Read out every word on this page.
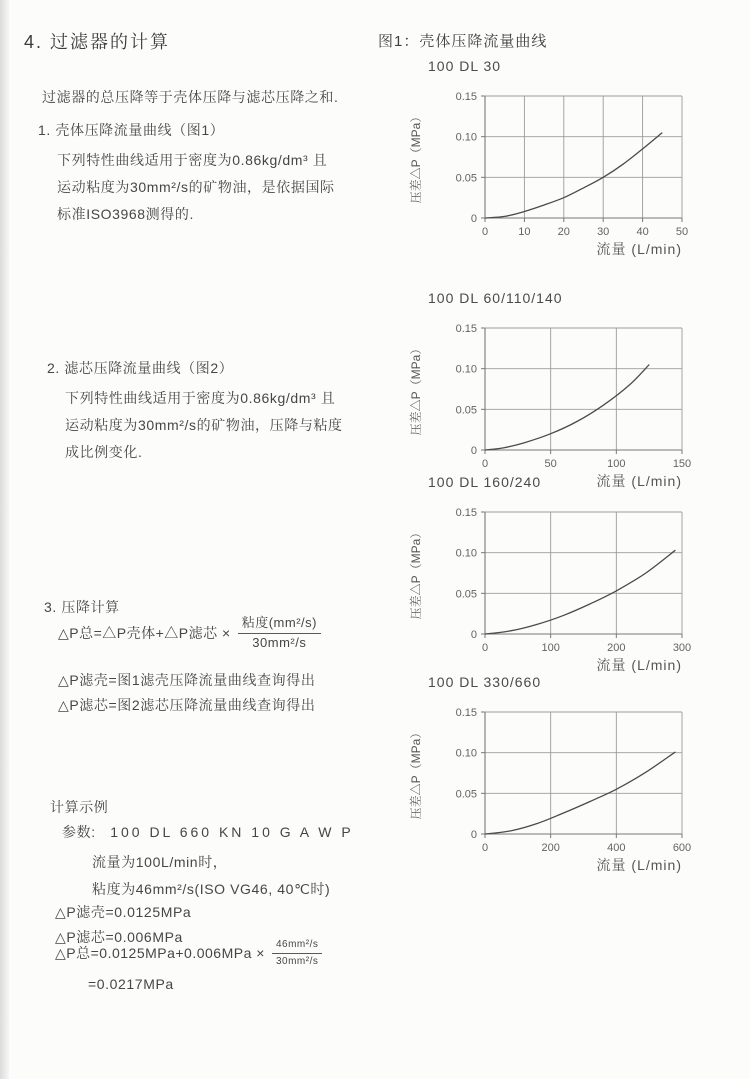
4. 过滤器的计算
过滤器的总压降等于壳体压降与滤芯压降之和.
1. 壳体压降流量曲线（图1）
下列特性曲线适用于密度为0.86kg/dm³ 且
运动粘度为30mm²/s的矿物油，是依据国际
标准ISO3968测得的.
2. 滤芯压降流量曲线（图2）
下列特性曲线适用于密度为0.86kg/dm³ 且
运动粘度为30mm²/s的矿物油，压降与粘度
成比例变化.
3. 压降计算
△P总=△P壳体+△P滤芯 × $\frac{\text{粘度(mm²/s)}}{\text{30mm²/s}}$
△P滤壳=图1滤壳压降流量曲线查询得出
△P滤芯=图2滤芯压降流量曲线查询得出
计算示例
参数: 100 DL 660 KN 10 G A W P
流量为100L/min时，
粘度为46mm²/s(ISO VG46, 40℃时)
△P滤壳=0.0125MPa
△P滤芯=0.006MPa
△P总$=0.0125MPa+0.006MPa \times \frac{\text{46mm²/s}}{\text{30mm²/s}}$
=0.0217MPa
图1：壳体压降流量曲线
100 DL 30
0	10 20 30 40 50
0
0.05
0.10
0.15
流量 (L/min)
压差△P（MPa）
100 DL 60/110/140
0	50	100	150
0
0.05
0.10
0.15
流量 (L/min)
压差△P（MPa）
100 DL 160/240
0	100	200	300
0
0.05
0.10
0.15
流量 (L/min)
压差△P（MPa）
100 DL 330/660
0	200	400	600
0
0.05
0.10
0.15
流量 (L/min)
压差△P（MPa）
